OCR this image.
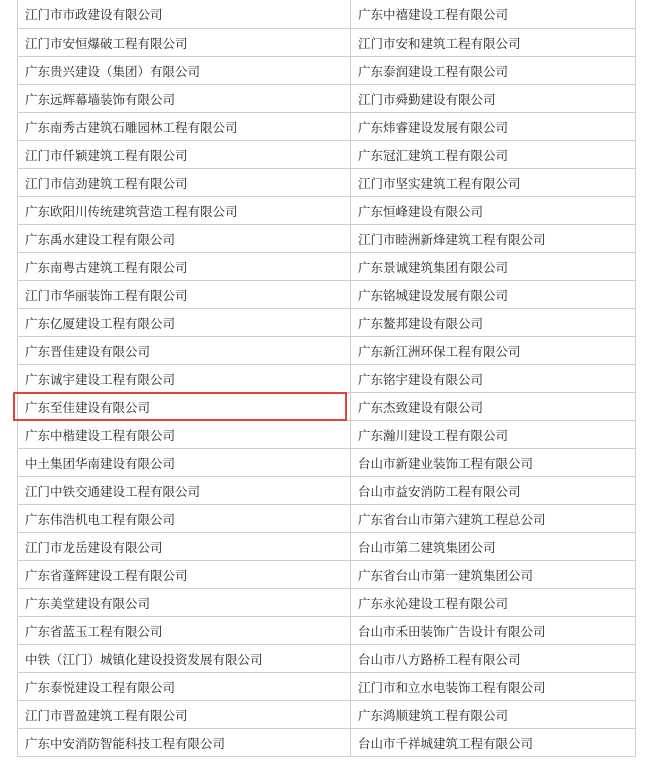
江门市市政建设有限公司	广东中禧建设工程有限公司
江门市安恒爆破工程有限公司	江门市安和建筑工程有限公司
广东贵兴建设（集团）有限公司	广东泰润建设工程有限公司
广东远辉幕墙装饰有限公司	江门市舜勤建设有限公司
广东南秀古建筑石雕园林工程有限公司	广东炜睿建设发展有限公司
江门市仟颖建筑工程有限公司	广东冠汇建筑工程有限公司
江门市信劲建筑工程有限公司	江门市坚实建筑工程有限公司
广东欧阳川传统建筑营造工程有限公司	广东恒峰建设有限公司
广东禹水建设工程有限公司	江门市睦洲新烽建筑工程有限公司
广东南粤古建筑工程有限公司	广东景诚建筑集团有限公司
江门市华丽装饰工程有限公司	广东铭城建设发展有限公司
广东亿厦建设工程有限公司	广东鳌邦建设有限公司
广东晋佳建设有限公司	广东新江洲环保工程有限公司
广东诚宇建设工程有限公司	广东铭宇建设有限公司
广东至佳建设有限公司	广东杰致建设有限公司
广东中楷建设工程有限公司	广东瀚川建设工程有限公司
中土集团华南建设有限公司	台山市新建业装饰工程有限公司
江门中铁交通建设工程有限公司	台山市益安消防工程有限公司
广东伟浩机电工程有限公司	广东省台山市第六建筑工程总公司
江门市龙岳建设有限公司	台山市第二建筑集团公司
广东省蓬辉建设工程有限公司	广东省台山市第一建筑集团公司
广东美堂建设有限公司	广东永沁建设工程有限公司
广东省蓝玉工程有限公司	台山市禾田装饰广告设计有限公司
中铁（江门）城镇化建设投资发展有限公司	台山市八方路桥工程有限公司
广东泰悦建设工程有限公司	江门市和立水电装饰工程有限公司
江门市晋盈建筑工程有限公司	广东鸿顺建筑工程有限公司
广东中安消防智能科技工程有限公司	台山市千祥城建筑工程有限公司
